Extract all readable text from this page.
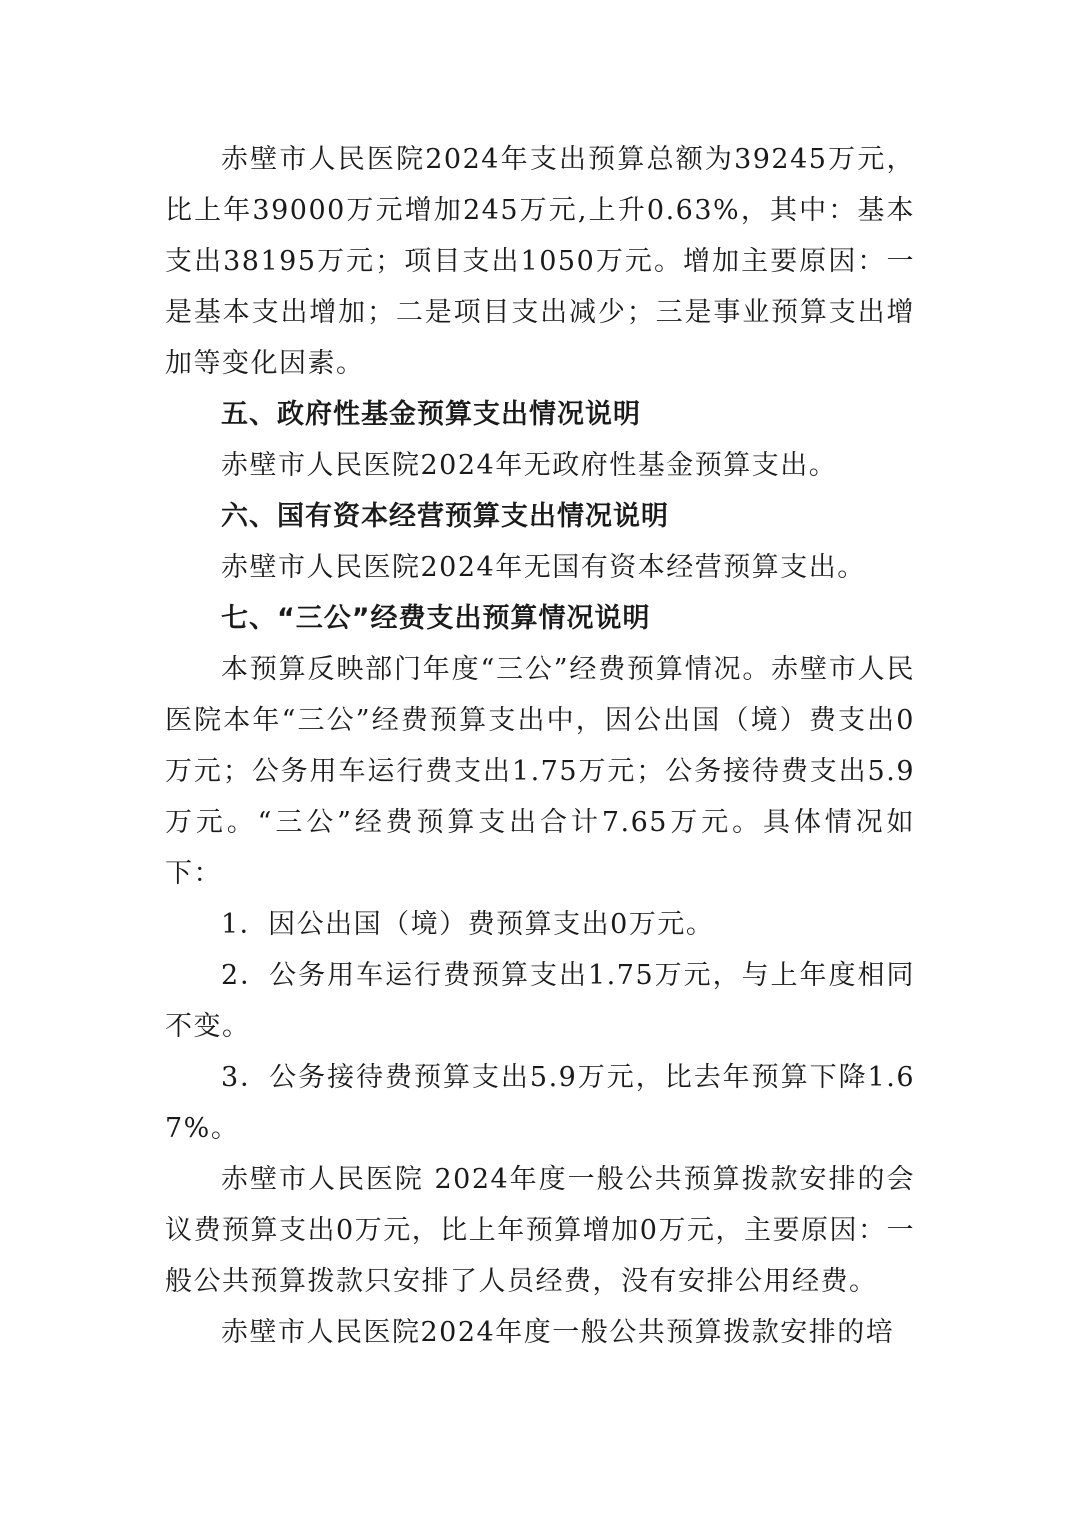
赤壁市人民医院2024年支出预算总额为39245万元，比上年39000万元增加245万元,上升0.63%，其中：基本支出38195万元；项目支出1050万元。增加主要原因：一是基本支出增加；二是项目支出减少；三是事业预算支出增加等变化因素。

五、政府性基金预算支出情况说明

赤壁市人民医院2024年无政府性基金预算支出。

六、国有资本经营预算支出情况说明

赤壁市人民医院2024年无国有资本经营预算支出。

七、“三公”经费支出预算情况说明

本预算反映部门年度“三公”经费预算情况。赤壁市人民医院本年“三公”经费预算支出中，因公出国（境）费支出0万元；公务用车运行费支出1.75万元；公务接待费支出5.9万元。“三公”经费预算支出合计7.65万元。具体情况如下：

1．因公出国（境）费预算支出0万元。

2．公务用车运行费预算支出1.75万元，与上年度相同不变。

3．公务接待费预算支出5.9万元，比去年预算下降1.67%。

赤壁市人民医院 2024年度一般公共预算拨款安排的会议费预算支出0万元，比上年预算增加0万元，主要原因：一般公共预算拨款只安排了人员经费，没有安排公用经费。

赤壁市人民医院2024年度一般公共预算拨款安排的培
